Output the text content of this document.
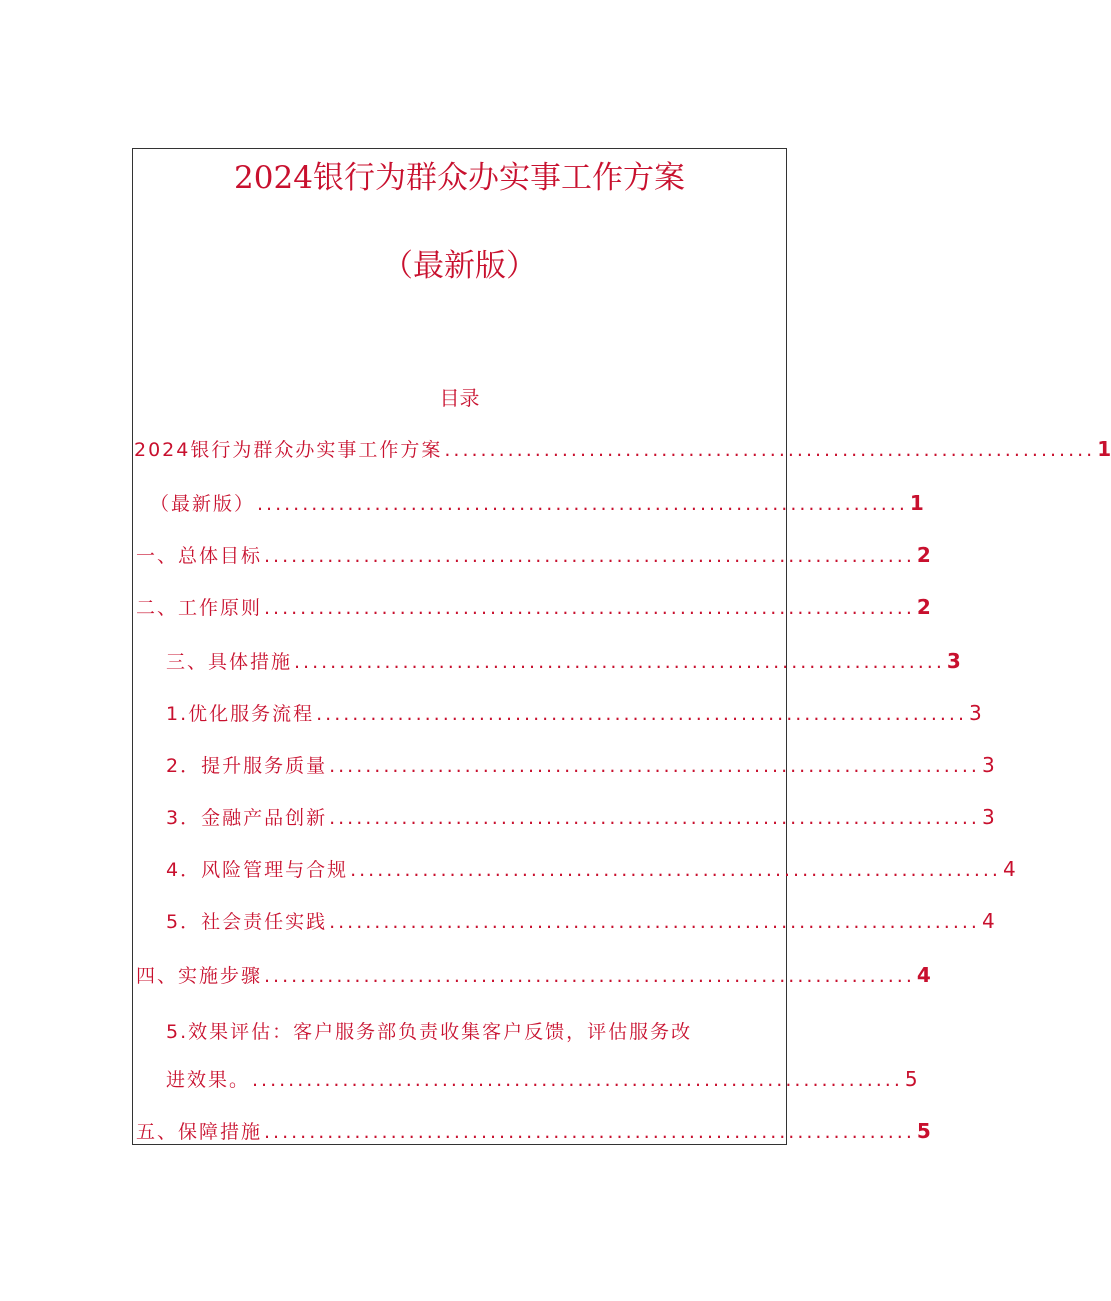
2024银行为群众办实事工作方案
（最新版）
目录
2024银行为群众办实事工作方案 ........................................................................ 1
（最新版） ........................................................................ 1
一、总体目标 ........................................................................ 2
二、工作原则 ........................................................................ 2
三、具体措施 ........................................................................ 3
1.优化服务流程 ........................................................................ 3
2．提升服务质量 ........................................................................ 3
3．金融产品创新 ........................................................................ 3
4．风险管理与合规 ........................................................................ 4
5．社会责任实践 ........................................................................ 4
四、实施步骤 ........................................................................ 4
5.效果评估：客户服务部负责收集客户反馈，评估服务改
进效果。 ........................................................................ 5
五、保障措施 ........................................................................ 5
